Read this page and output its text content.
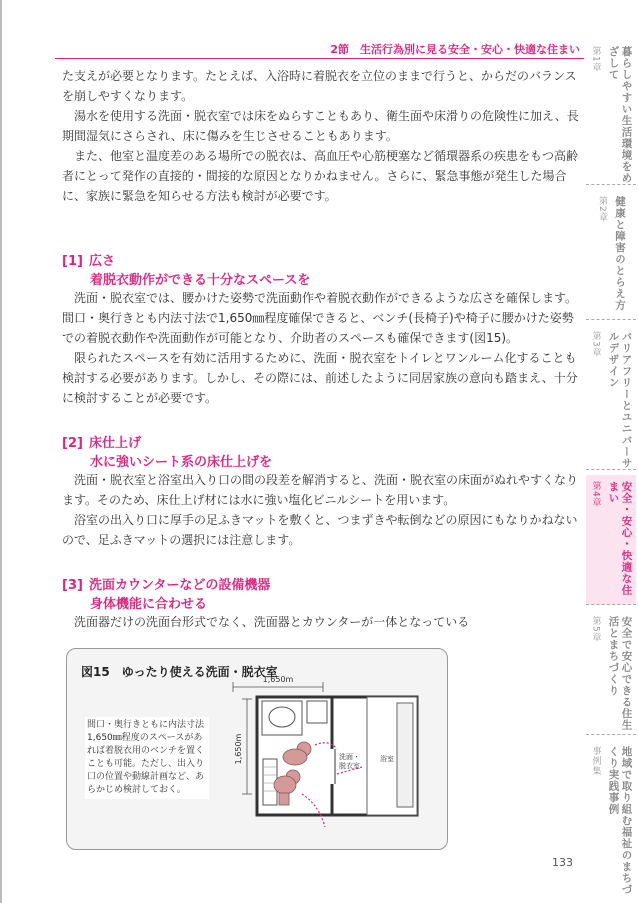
2節　生活行為別に見る安全・安心・快適な住まい

た支えが必要となります。たとえば、入浴時に着脱衣を立位のままで行うと、からだのバランスを崩しやすくなります。

　湯水を使用する洗面・脱衣室では床をぬらすこともあり、衛生面や床滑りの危険性に加え、長期間湿気にさらされ、床に傷みを生じさせることもあります。

　また、他室と温度差のある場所での脱衣は、高血圧や心筋梗塞など循環器系の疾患をもつ高齢者にとって発作の直接的・間接的な原因となりかねません。さらに、緊急事態が発生した場合に、家族に緊急を知らせる方法も検討が必要です。

[1] 広さ
着脱衣動作ができる十分なスペースを

　洗面・脱衣室では、腰かけた姿勢で洗面動作や着脱衣動作ができるような広さを確保します。間口・奥行きとも内法寸法で1,650㎜程度確保できると、ベンチ(長椅子)や椅子に腰かけた姿勢での着脱衣動作や洗面動作が可能となり、介助者のスペースも確保できます(図15)。

　限られたスペースを有効に活用するために、洗面・脱衣室をトイレとワンルーム化することも検討する必要があります。しかし、その際には、前述したように同居家族の意向も踏まえ、十分に検討することが必要です。

[2] 床仕上げ
水に強いシート系の床仕上げを

　洗面・脱衣室と浴室出入り口の間の段差を解消すると、洗面・脱衣室の床面がぬれやすくなります。そのため、床仕上げ材には水に強い塩化ビニルシートを用います。

　浴室の出入り口に厚手の足ふきマットを敷くと、つまずきや転倒などの原因にもなりかねないので、足ふきマットの選択には注意します。

[3] 洗面カウンターなどの設備機器
身体機能に合わせる

　洗面器だけの洗面台形式でなく、洗面器とカウンターが一体となっている

1,650m
1,650m	洗面・
脱衣室
浴室
図15　ゆったり使える洗面・脱衣室
間口・奥行きともに内法寸法1,650㎜程度のスペースがあれば着脱衣用のベンチを置くことも可能。ただし、出入り口の位置や動線計画など、あらかじめ検討しておく。
第1章	暮らしやすい生活環境をめざして
第2章 健康と障害のとらえ方
第3章	バリアフリーとユニバーサルデザイン
第4章	安全・安心・快適な住まい
第5章	安全で安心できる住生活とまちづくり
事例集	地域で取り組む福祉のまちづくり実践事例
133
